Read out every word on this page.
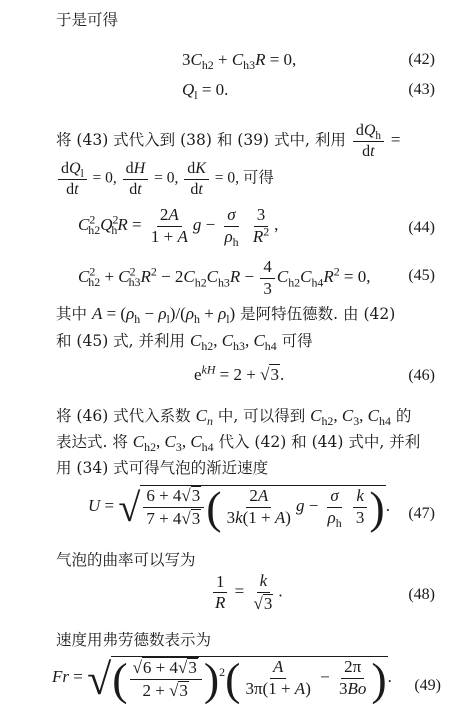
于是可得
$3C_{h2} + C_{h3}R = 0$,	(42)
$Q_l = 0$.	(43)
将 (43) 式代入到 (38) 和 (39) 式中, 利用 $\frac{dQ_h}{dt}$ =
$\frac{dQ_l}{dt} = 0$, $\frac{dH}{dt} = 0$, $\frac{dK}{dt} = 0$, 可得
$C^2_{h2}Q^2_hR = \frac{2A}{1 + A}$ $g - \frac{\sigma}{\rho_h}$
$\frac{3}{R^2}$ ,	(44)
$C^2_{h2} + C^2_{h3}R^2 - 2C_{h2}C_{h3}R - \frac{4}{3} C_{h2}C_{h4}R^2 = 0$, (45)
其中 $A = (\rho_h - \rho_l)/(\rho_h + \rho_l)$ 是阿特伍德数. 由 (42)
和 (45) 式, 并利用 $C_{h2}$, $C_{h3}$, $C_{h4}$ 可得
$e^{kH} = 2 + √3$.	(46)
将 (46) 式代入系数 $C_n$ 中, 可以得到 $C_{h2}$, $C_3$, $C_{h4}$ 的
表达式. 将 $C_{h2}$, $C_3$, $C_{h4}$ 代入 (42) 和 (44) 式中, 并利
用 (34) 式可得气泡的渐近速度
U = √ $\frac{6 + 4√3}{7 + 4√3}$ ( $\frac{2A}{3k(1 + A)}$ $g - \frac{\sigma}{\rho_h}$
$\frac{k}{3}$ ). (47)
气泡的曲率可以写为
$\frac{1}{R} = \frac{k}{√3}$ .	(48)
速度用弗劳德数表示为
Fr = √( $\frac{√6 + 4√3}{2 + √3} )^2( \frac{A}{3\pi(1 + A)} - \frac{2\pi}{3Bo}$ ). (49)
